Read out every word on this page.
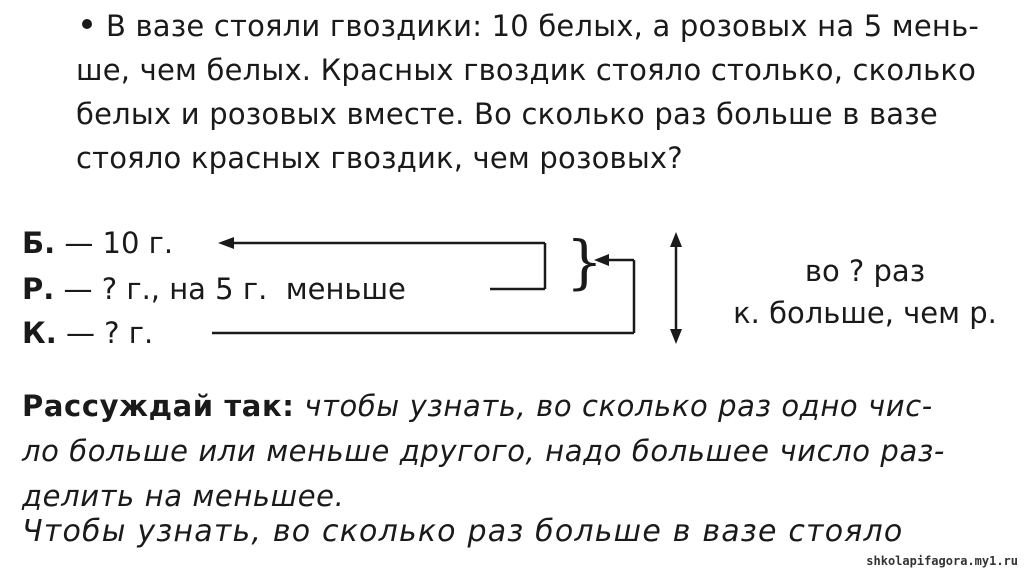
В вазе стояли гвоздики: 10 белых, а розовых на 5 мень-
ше, чем белых. Красных гвоздик стояло столько, сколько
белых и розовых вместе. Во сколько раз больше в вазе
стояло красных гвоздик, чем розовых?
}
Б. — 10 г.
Р. — ? г., на 5 г.  меньше
К. — ? г.
во ? раз
к. больше, чем р.
Рассуждай так: чтобы узнать, во сколько раз одно чис-
ло больше или меньше другого, надо большее число раз-
делить на меньшее.
Чтобы узнать, во сколько раз больше в вазе стояло
shkolapifagora.my1.ru
